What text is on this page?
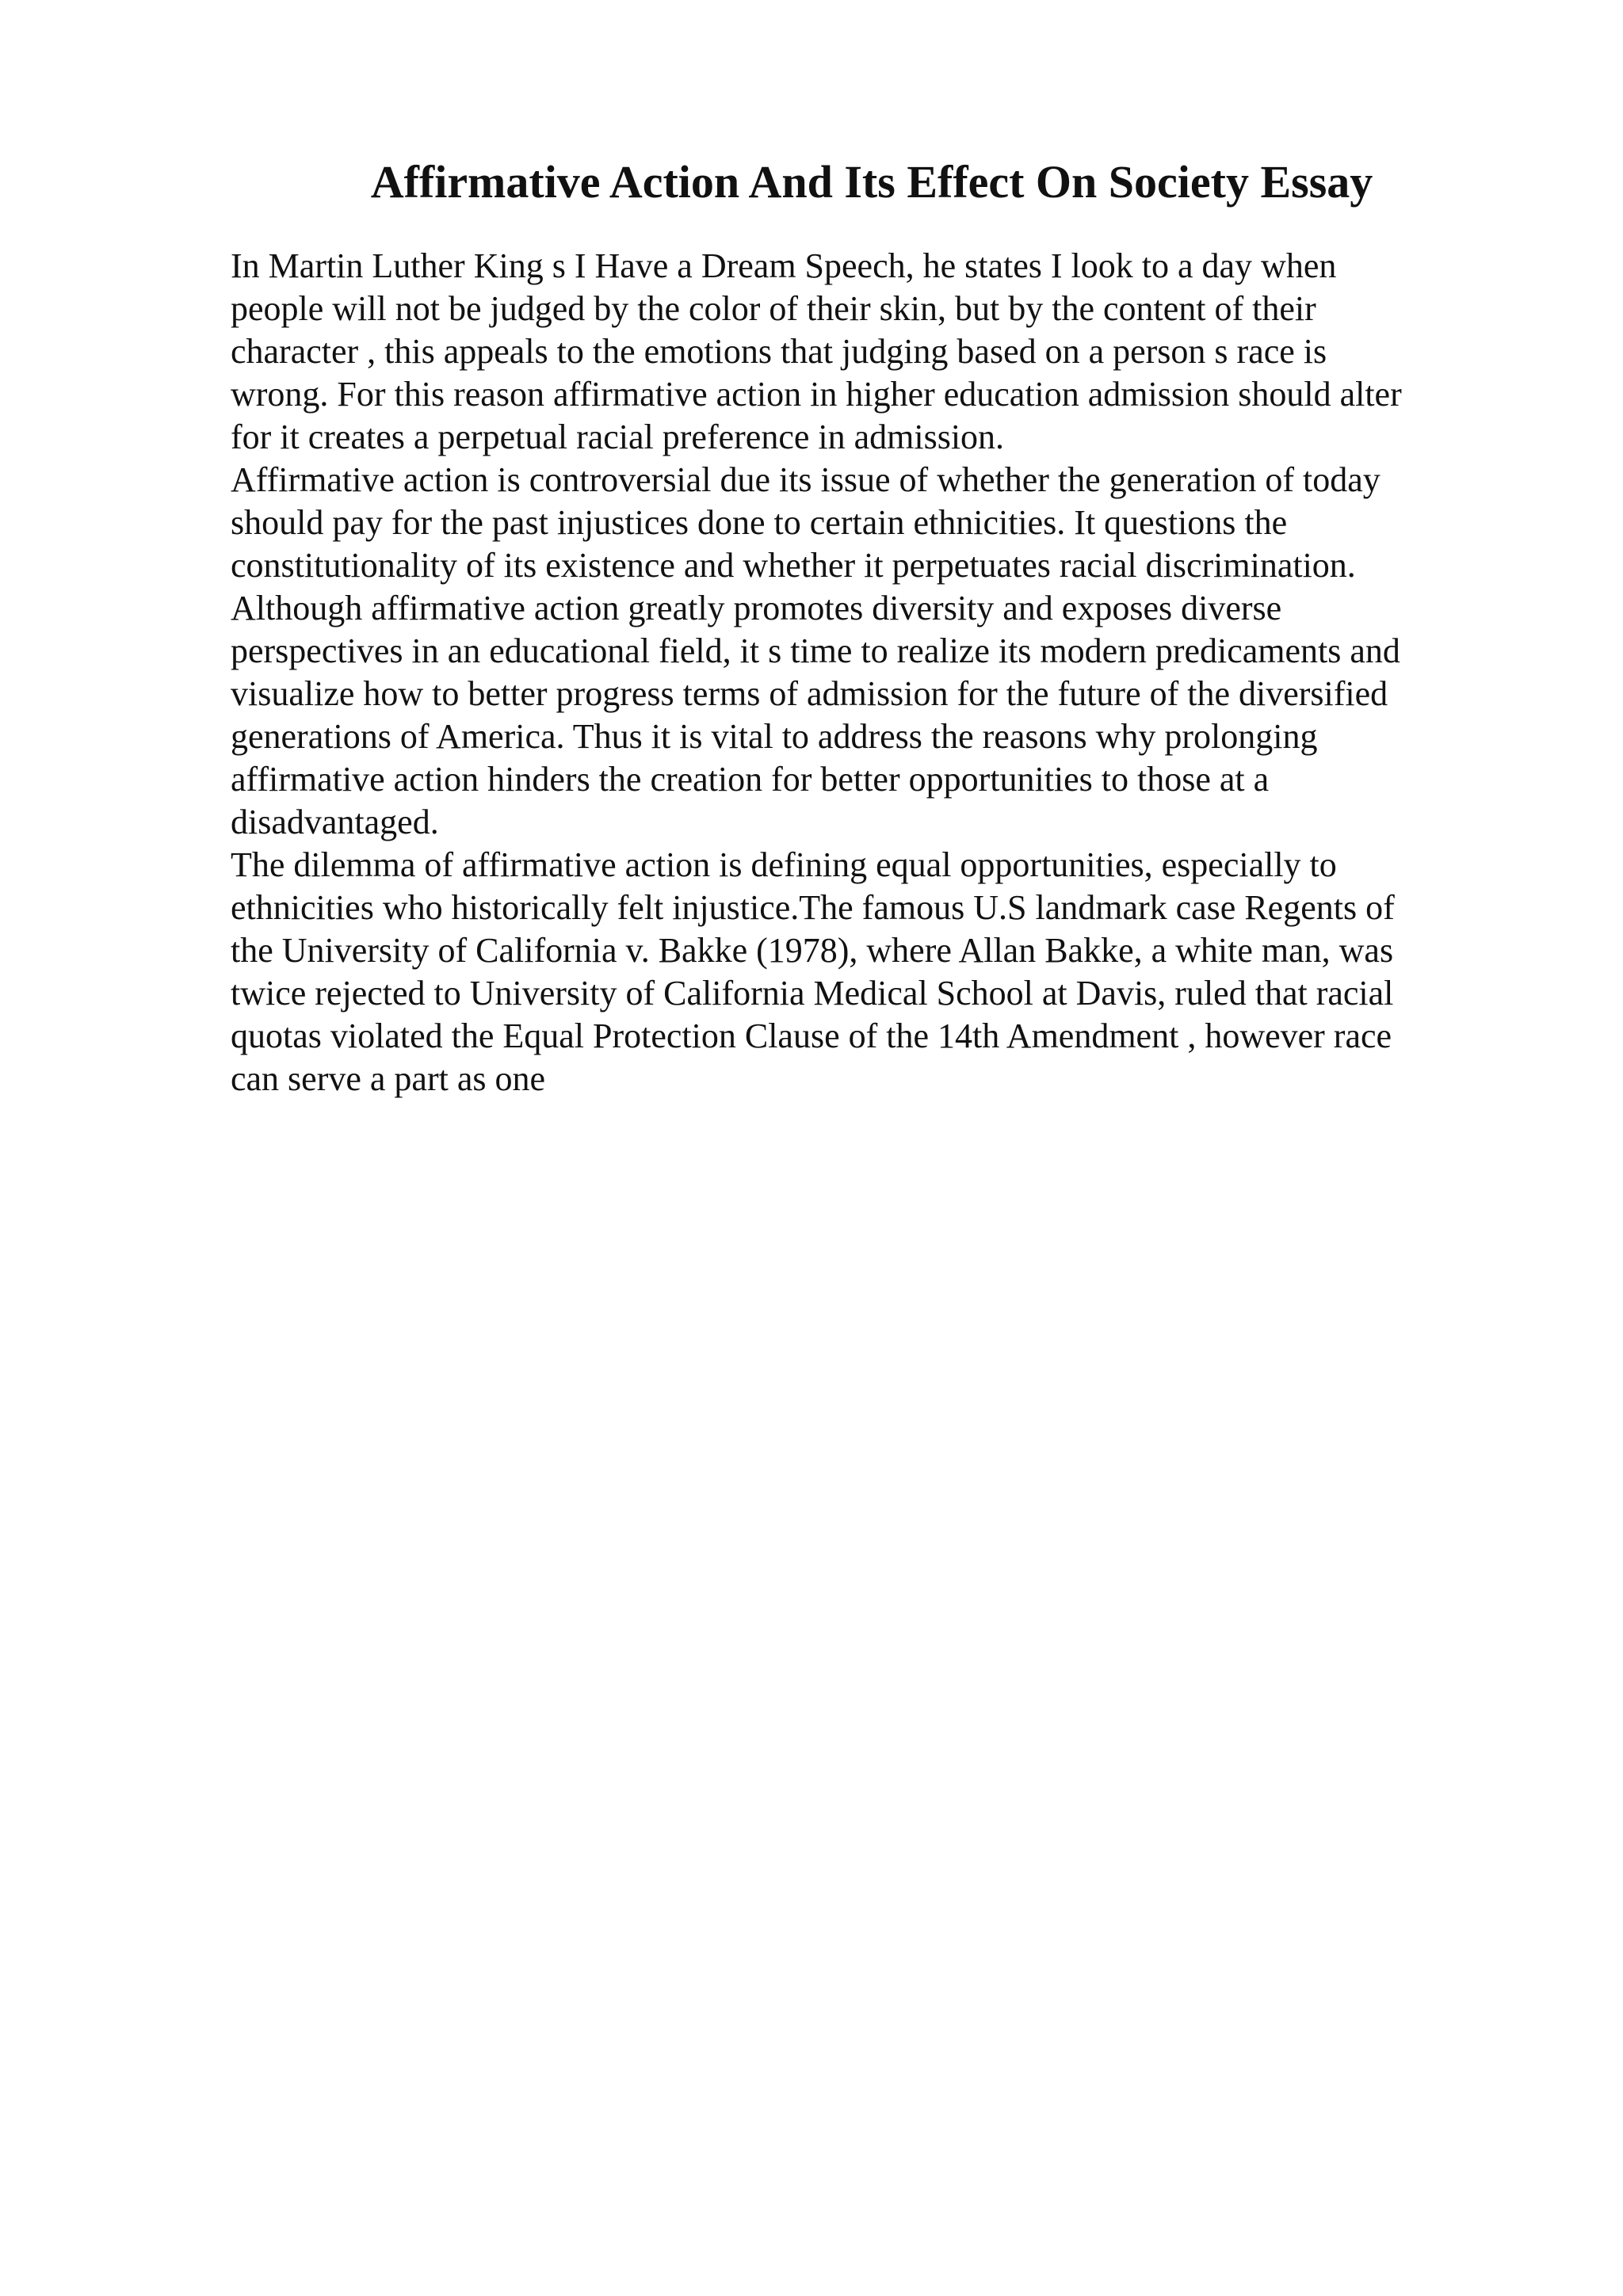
Affirmative Action And Its Effect On Society Essay
In Martin Luther King s I Have a Dream Speech, he states I look to a day when
people will not be judged by the color of their skin, but by the content of their
character , this appeals to the emotions that judging based on a person s race is
wrong. For this reason affirmative action in higher education admission should alter
for it creates a perpetual racial preference in admission.
Affirmative action is controversial due its issue of whether the generation of today
should pay for the past injustices done to certain ethnicities. It questions the
constitutionality of its existence and whether it perpetuates racial discrimination.
Although affirmative action greatly promotes diversity and exposes diverse
perspectives in an educational field, it s time to realize its modern predicaments and
visualize how to better progress terms of admission for the future of the diversified
generations of America. Thus it is vital to address the reasons why prolonging
affirmative action hinders the creation for better opportunities to those at a
disadvantaged.
The dilemma of affirmative action is defining equal opportunities, especially to
ethnicities who historically felt injustice.The famous U.S landmark case Regents of
the University of California v. Bakke (1978), where Allan Bakke, a white man, was
twice rejected to University of California Medical School at Davis, ruled that racial
quotas violated the Equal Protection Clause of the 14th Amendment , however race
can serve a part as one
